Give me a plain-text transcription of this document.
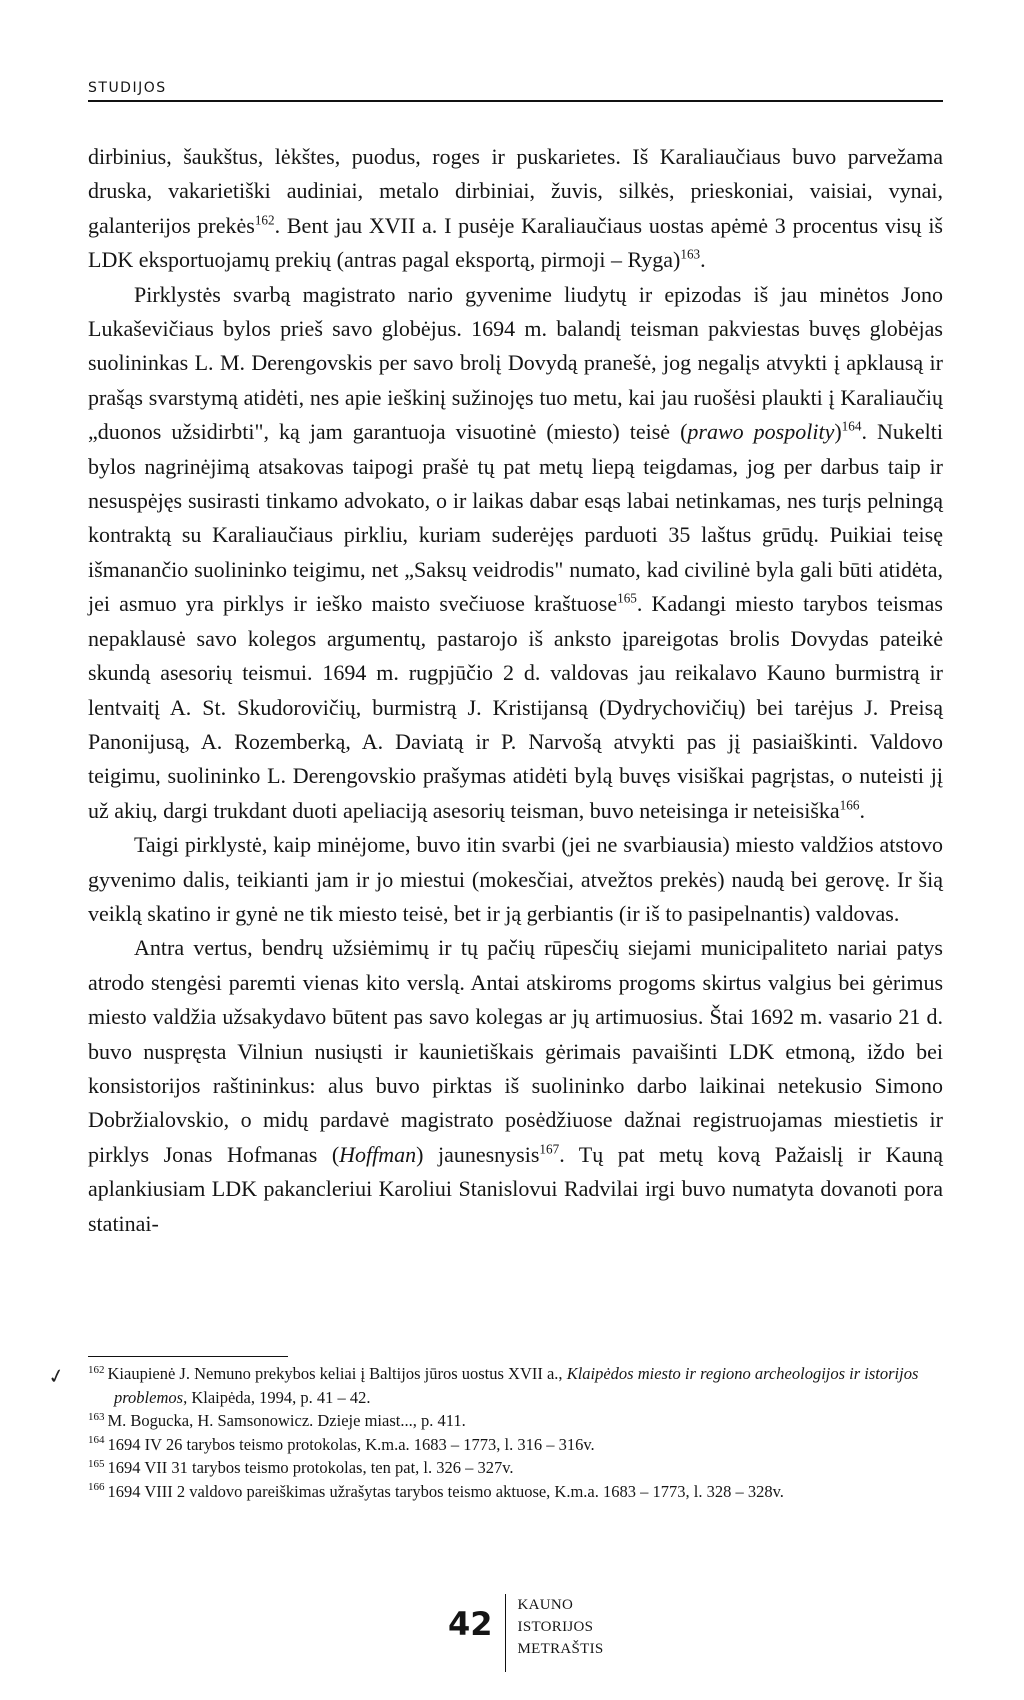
STUDIJOS

dirbinius, šaukštus, lėkštes, puodus, roges ir puskarietes. Iš Karaliaučiaus buvo parvežama druska, vakarietiški audiniai, metalo dirbiniai, žuvis, silkės, prieskoniai, vaisiai, vynai, galanterijos prekės$^{162}$. Bent jau XVII a. I pusėje Karaliaučiaus uostas apėmė 3 procentus visų iš LDK eksportuojamų prekių (antras pagal eksportą, pirmoji – Ryga)$^{163}$.

Pirklystės svarbą magistrato nario gyvenime liudytų ir epizodas iš jau minėtos Jono Lukaševičiaus bylos prieš savo globėjus. 1694 m. balandį teisman pakviestas buvęs globėjas suolininkas L. M. Derengovskis per savo brolį Dovydą pranešė, jog negalįs atvykti į apklausą ir prašąs svarstymą atidėti, nes apie ieškinį sužinojęs tuo metu, kai jau ruošėsi plaukti į Karaliaučių „duonos užsidirbti", ką jam garantuoja visuotinė (miesto) teisė (prawo pospolity)$^{164}$. Nukelti bylos nagrinėjimą atsakovas taipogi prašė tų pat metų liepą teigdamas, jog per darbus taip ir nesuspėjęs susirasti tinkamo advokato, o ir laikas dabar esąs labai netinkamas, nes turįs pelningą kontraktą su Karaliaučiaus pirkliu, kuriam suderėjęs parduoti 35 laštus grūdų. Puikiai teisę išmanančio suolininko teigimu, net „Saksų veidrodis" numato, kad civilinė byla gali būti atidėta, jei asmuo yra pirklys ir ieško maisto svečiuose kraštuose$^{165}$. Kadangi miesto tarybos teismas nepaklausė savo kolegos argumentų, pastarojo iš anksto įpareigotas brolis Dovydas pateikė skundą asesorių teismui. 1694 m. rugpjūčio 2 d. valdovas jau reikalavo Kauno burmistrą ir lentvaitį A. St. Skudorovičių, burmistrą J. Kristijansą (Dydrychovičių) bei tarėjus J. Preisą Panonijusą, A. Rozemberką, A. Daviatą ir P. Narvošą atvykti pas jį pasiaiškinti. Valdovo teigimu, suolininko L. Derengovskio prašymas atidėti bylą buvęs visiškai pagrįstas, o nuteisti jį už akių, dargi trukdant duoti apeliaciją asesorių teisman, buvo neteisinga ir neteisiška$^{166}$.

Taigi pirklystė, kaip minėjome, buvo itin svarbi (jei ne svarbiausia) miesto valdžios atstovo gyvenimo dalis, teikianti jam ir jo miestui (mokesčiai, atvežtos prekės) naudą bei gerovę. Ir šią veiklą skatino ir gynė ne tik miesto teisė, bet ir ją gerbiantis (ir iš to pasipelnantis) valdovas.

Antra vertus, bendrų užsiėmimų ir tų pačių rūpesčių siejami municipaliteto nariai patys atrodo stengėsi paremti vienas kito verslą. Antai atskiroms progoms skirtus valgius bei gėrimus miesto valdžia užsakydavo būtent pas savo kolegas ar jų artimuosius. Štai 1692 m. vasario 21 d. buvo nuspręsta Vilniun nusiųsti ir kaunietiškais gėrimais pavaišinti LDK etmoną, iždo bei konsistorijos raštininkus: alus buvo pirktas iš suolininko darbo laikinai netekusio Simono Dobržialovskio, o midų pardavė magistrato posėdžiuose dažnai registruojamas miestietis ir pirklys Jonas Hofmanas (Hoffman) jaunesnysis$^{167}$. Tų pat metų kovą Pažaislį ir Kauną aplankiusiam LDK pakancleriui Karoliui Stanislovui Radvilai irgi buvo numatyta dovanoti pora statinai-

✓ $^{162}$ Kiaupienė J. Nemuno prekybos keliai į Baltijos jūros uostus XVII a., Klaipėdos miesto ir regiono archeologijos ir istorijos problemos, Klaipėda, 1994, p. 41 – 42.

$^{163}$ M. Bogucka, H. Samsonowicz. Dzieje miast..., p. 411.

$^{164}$ 1694 IV 26 tarybos teismo protokolas, K.m.a. 1683 – 1773, l. 316 – 316v.

$^{165}$ 1694 VII 31 tarybos teismo protokolas, ten pat, l. 326 – 327v.

$^{166}$ 1694 VIII 2 valdovo pareiškimas užrašytas tarybos teismo aktuose, K.m.a. 1683 – 1773, l. 328 – 328v.

42	KAUNO
ISTORIJOS
METRAŠTIS
